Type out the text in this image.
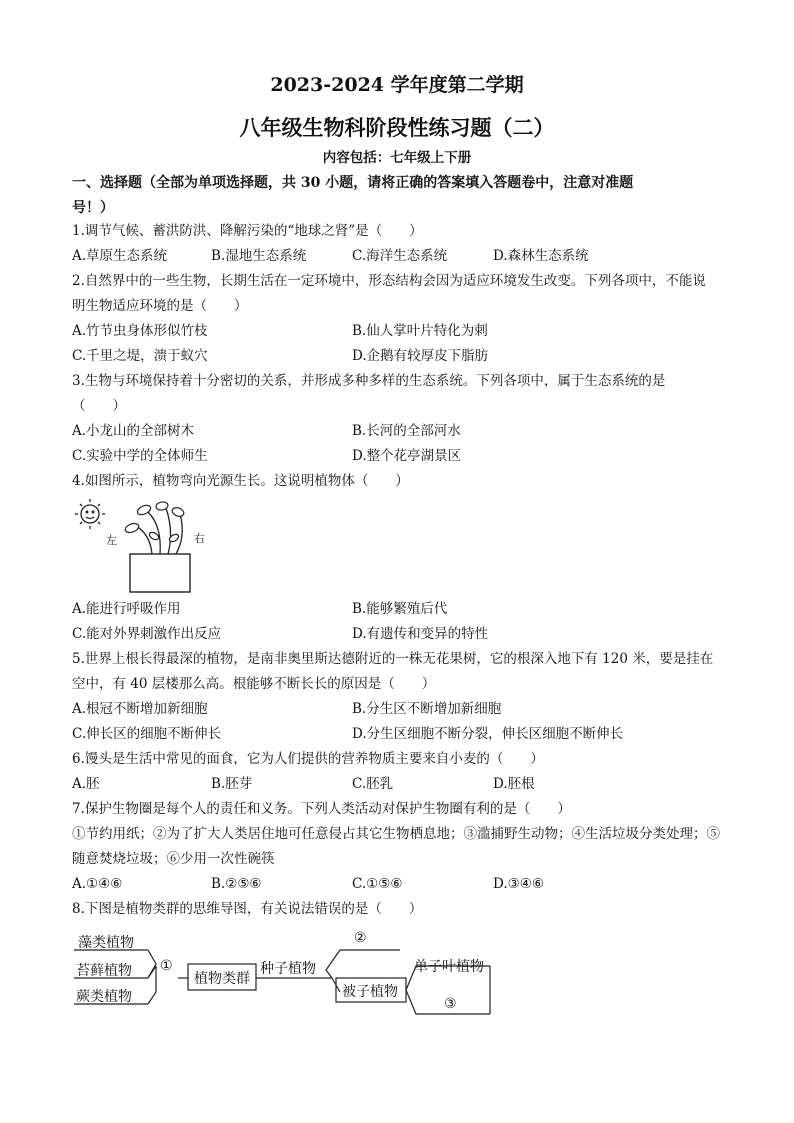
2023-2024 学年度第二学期
八年级生物科阶段性练习题（二）
内容包括：七年级上下册
一、选择题（全部为单项选择题，共 30 小题，请将正确的答案填入答题卷中，注意对准题
号！）
1.调节气候、蓄洪防洪、降解污染的“地球之肾”是（　　）
A.草原生态系统	B.湿地生态系统	C.海洋生态系统	D.森林生态系统
2.自然界中的一些生物，长期生活在一定环境中，形态结构会因为适应环境发生改变。下列各项中，不能说
明生物适应环境的是（　　）
A.竹节虫身体形似竹枝	B.仙人掌叶片特化为刺
C.千里之堤，溃于蚁穴	D.企鹅有较厚皮下脂肪
3.生物与环境保持着十分密切的关系，并形成多种多样的生态系统。下列各项中，属于生态系统的是
（　　）
A.小龙山的全部树木	B.长河的全部河水
C.实验中学的全体师生	D.整个花亭湖景区
4.如图所示，植物弯向光源生长。这说明植物体（　　）
左	右
A.能进行呼吸作用	B.能够繁殖后代
C.能对外界刺激作出反应	D.有遗传和变异的特性
5.世界上根长得最深的植物，是南非奥里斯达德附近的一株无花果树，它的根深入地下有 120 米，要是挂在
空中，有 40 层楼那么高。根能够不断长长的原因是（　　）
A.根冠不断增加新细胞	B.分生区不断增加新细胞
C.伸长区的细胞不断伸长	D.分生区细胞不断分裂，伸长区细胞不断伸长
6.馒头是生活中常见的面食，它为人们提供的营养物质主要来自小麦的（　　）
A.胚	B.胚芽	C.胚乳	D.胚根
7.保护生物圈是每个人的责任和义务。下列人类活动对保护生物圈有利的是（　　）
①节约用纸；②为了扩大人类居住地可任意侵占其它生物栖息地；③滥捕野生动物；④生活垃圾分类处理；⑤
随意焚烧垃圾；⑥少用一次性碗筷
A.①④⑥	B.②⑤⑥	C.①⑤⑥	D.③④⑥
8.下图是植物类群的思维导图，有关说法错误的是（　　）

藻类植物
苔藓植物
蕨类植物
①
植物类群
种子植物
②
被子植物
单子叶植物
③
